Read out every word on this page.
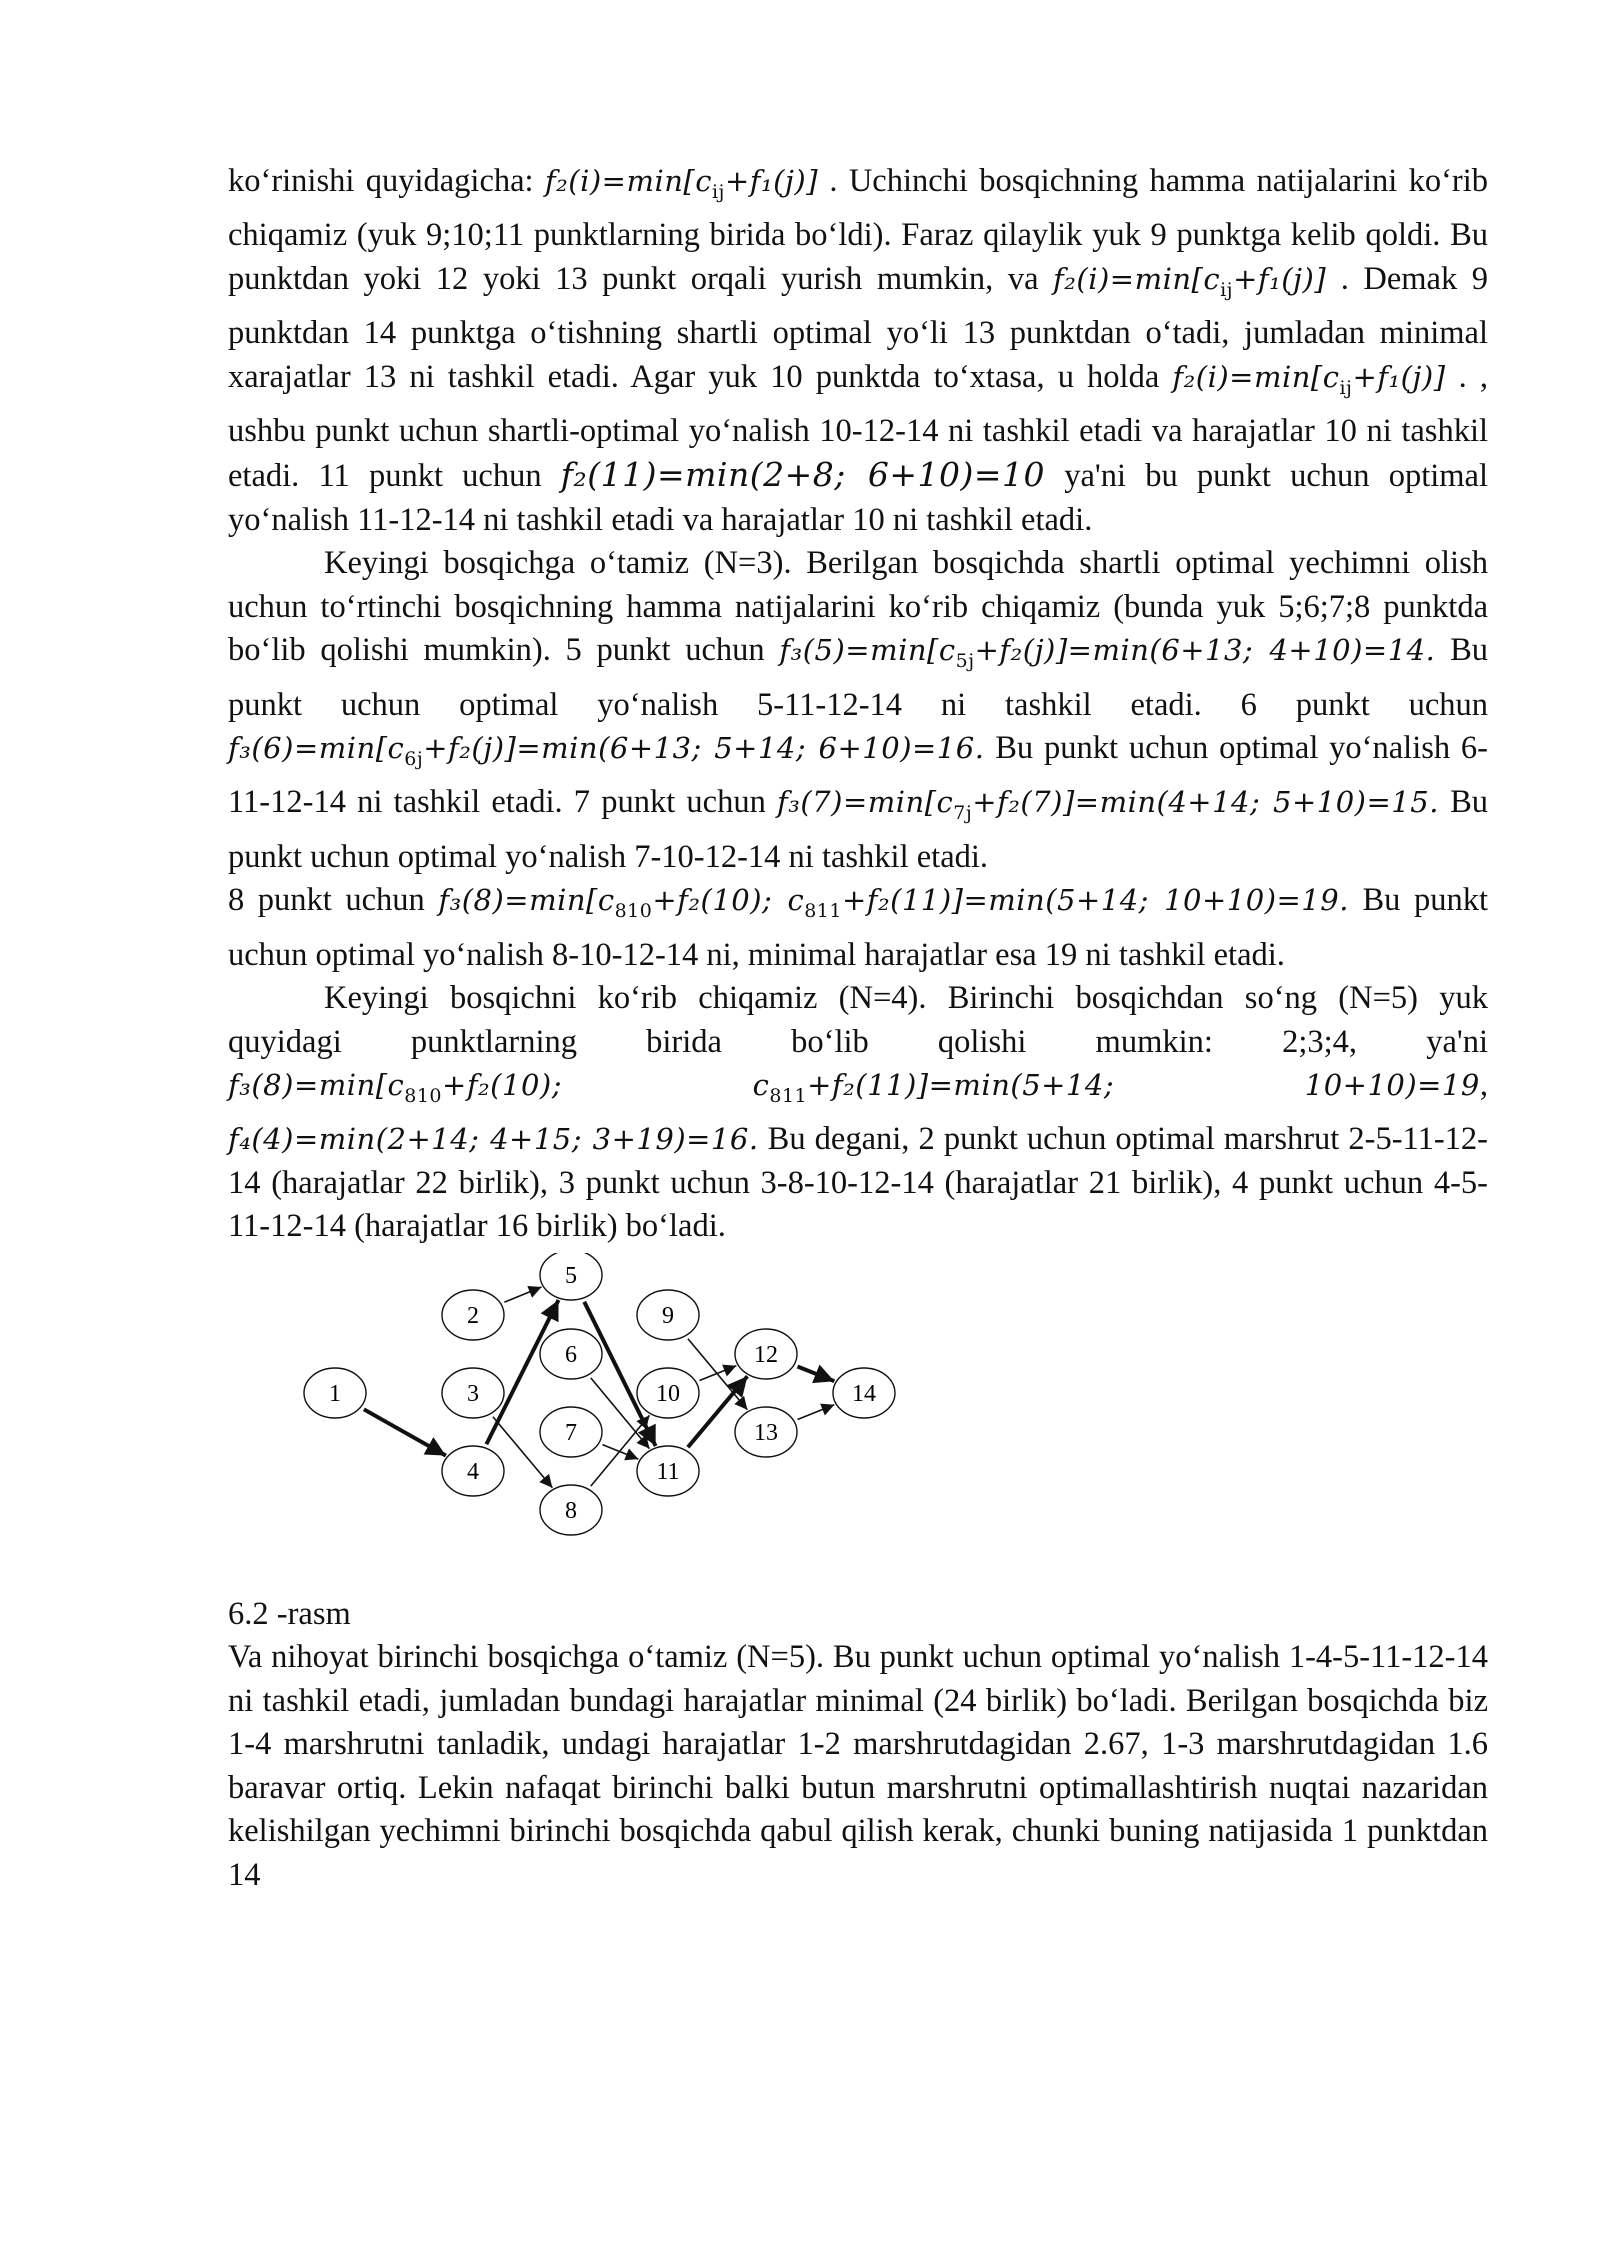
ko‘rinishi quyidagicha: $f_2(i)=\min[c_{ij}+f_1(j)]$ . Uchinchi bosqichning hamma natijalarini ko‘rib chiqamiz (yuk 9;10;11 punktlarning birida bo‘ldi). Faraz qilaylik yuk 9 punktga kelib qoldi. Bu punktdan yoki 12 yoki 13 punkt orqali yurish mumkin, va $f_2(i)=\min[c_{ij}+f_1(j)]$ . Demak 9 punktdan 14 punktga o‘tishning shartli optimal yo‘li 13 punktdan o‘tadi, jumladan minimal xarajatlar 13 ni tashkil etadi. Agar yuk 10 punktda to‘xtasa, u holda $f_2(i)=\min[c_{ij}+f_1(j)]$ . , ushbu punkt uchun shartli-optimal yo‘nalish 10-12-14 ni tashkil etadi va harajatlar 10 ni tashkil etadi. 11 punkt uchun f₂(11)=min(2+8; 6+10)=10 ya'ni bu punkt uchun optimal yo‘nalish 11-12-14 ni tashkil etadi va harajatlar 10 ni tashkil etadi.

Keyingi bosqichga o‘tamiz (N=3). Berilgan bosqichda shartli optimal yechimni olish uchun to‘rtinchi bosqichning hamma natijalarini ko‘rib chiqamiz (bunda yuk 5;6;7;8 punktda bo‘lib qolishi mumkin). 5 punkt uchun $f_3(5)=\min[c_{5j}+f_2(j)]=\min(6+13$; 4+10)=14. Bu punkt uchun optimal yo‘nalish 5-11-12-14 ni tashkil etadi. 6 punkt uchun $f_3(6)=\min[c_{6j}+f_2(j)]=\min(6+13$; 5+14; 6+10)=16. Bu punkt uchun optimal yo‘nalish 6-11-12-14 ni tashkil etadi. 7 punkt uchun $f_3(7)=\min[c_{7j}+f_2(7)]=\min(4+14$; 5+10)=15. Bu punkt uchun optimal yo‘nalish 7-10-12-14 ni tashkil etadi.

8 punkt uchun $f_3(8)=\min[c_{810}+f_2(10)$; $c_{811}+f_2(11)]=\min(5+14$; 10+10)=19. Bu punkt uchun optimal yo‘nalish 8-10-12-14 ni, minimal harajatlar esa 19 ni tashkil etadi.

Keyingi bosqichni ko‘rib chiqamiz (N=4). Birinchi bosqichdan so‘ng (N=5) yuk quyidagi punktlarning birida bo‘lib qolishi mumkin: 2;3;4, ya'ni $f_3(8)=\min[c_{810}+f_2(10)$; $c_{811}+f_2(11)]=\min(5+14$; 10+10)=19, f₄(4)=min(2+14; 4+15; 3+19)=16. Bu degani, 2 punkt uchun optimal marshrut 2-5-11-12-14 (harajatlar 22 birlik), 3 punkt uchun 3-8-10-12-14 (harajatlar 21 birlik), 4 punkt uchun 4-5-11-12-14 (harajatlar 16 birlik) bo‘ladi.

1
2
3
4
5
6
7
8
9
10
11
12
13
14

6.2 -rasm

Va nihoyat birinchi bosqichga o‘tamiz (N=5). Bu punkt uchun optimal yo‘nalish 1-4-5-11-12-14 ni tashkil etadi, jumladan bundagi harajatlar minimal (24 birlik) bo‘ladi. Berilgan bosqichda biz 1-4 marshrutni tanladik, undagi harajatlar 1-2 marshrutdagidan 2.67, 1-3 marshrutdagidan 1.6 baravar ortiq. Lekin nafaqat birinchi balki butun marshrutni optimallashtirish nuqtai nazaridan kelishilgan yechimni birinchi bosqichda qabul qilish kerak, chunki buning natijasida 1 punktdan 14
